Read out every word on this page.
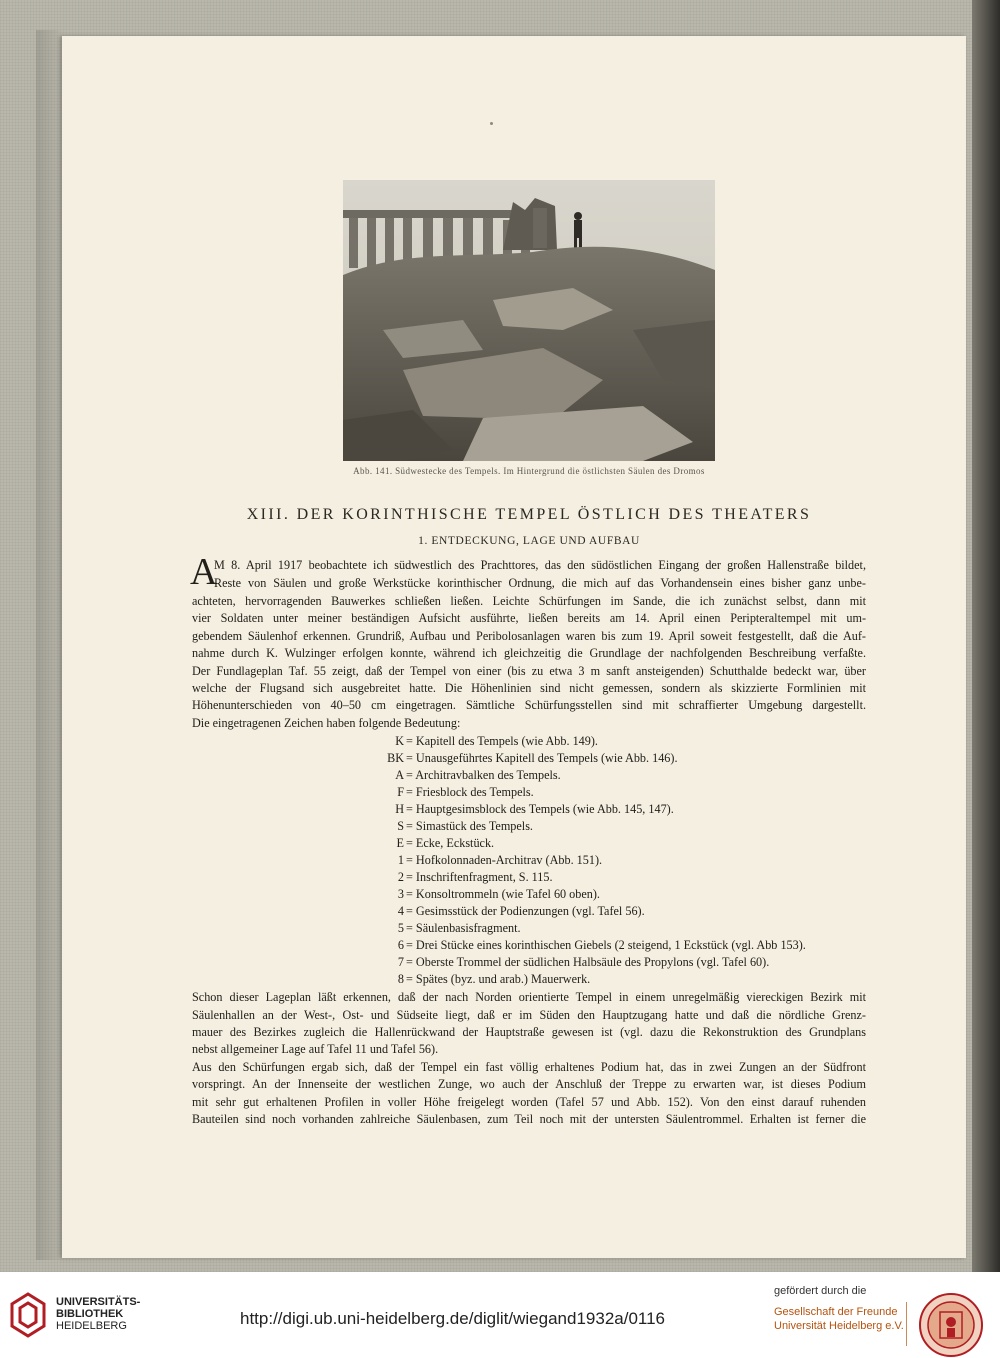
Abb. 141. Südwestecke des Tempels. Im Hintergrund die östlichsten Säulen des Dromos
XIII. DER KORINTHISCHE TEMPEL ÖSTLICH DES THEATERS
1. ENTDECKUNG, LAGE UND AUFBAU
A
M 8. April 1917 beobachtete ich südwestlich des Prachttores, das den südöstlichen Eingang der großen Hallenstraße bildet,
Reste von Säulen und große Werkstücke korinthischer Ordnung, die mich auf das Vorhandensein eines bisher ganz unbe-
achteten, hervorragenden Bauwerkes schließen ließen. Leichte Schürfungen im Sande, die ich zunächst selbst, dann mit
vier Soldaten unter meiner beständigen Aufsicht ausführte, ließen bereits am 14. April einen Peripteraltempel mit um-
gebendem Säulenhof erkennen. Grundriß, Aufbau und Peribolosanlagen waren bis zum 19. April soweit festgestellt, daß die Auf-
nahme durch K. Wulzinger erfolgen konnte, während ich gleichzeitig die Grundlage der nachfolgenden Beschreibung verfaßte.
Der Fundlageplan Taf. 55 zeigt, daß der Tempel von einer (bis zu etwa 3 m sanft ansteigenden) Schutthalde bedeckt war, über
welche der Flugsand sich ausgebreitet hatte. Die Höhenlinien sind nicht gemessen, sondern als skizzierte Formlinien mit
Höhenunterschieden von 40–50 cm eingetragen. Sämtliche Schürfungsstellen sind mit schraffierter Umgebung dargestellt.
Die eingetragenen Zeichen haben folgende Bedeutung:
K = Kapitell des Tempels (wie Abb. 149).
BK = Unausgeführtes Kapitell des Tempels (wie Abb. 146).
A = Architravbalken des Tempels.
F = Friesblock des Tempels.
H = Hauptgesimsblock des Tempels (wie Abb. 145, 147).
S = Simastück des Tempels.
E = Ecke, Eckstück.
1 = Hofkolonnaden-Architrav (Abb. 151).
2 = Inschriftenfragment, S. 115.
3 = Konsoltrommeln (wie Tafel 60 oben).
4 = Gesimsstück der Podienzungen (vgl. Tafel 56).
5 = Säulenbasisfragment.
6 = Drei Stücke eines korinthischen Giebels (2 steigend, 1 Eckstück (vgl. Abb 153).
7 = Oberste Trommel der südlichen Halbsäule des Propylons (vgl. Tafel 60).
8 = Spätes (byz. und arab.) Mauerwerk.
Schon dieser Lageplan läßt erkennen, daß der nach Norden orientierte Tempel in einem unregelmäßig viereckigen Bezirk mit
Säulenhallen an der West-, Ost- und Südseite liegt, daß er im Süden den Hauptzugang hatte und daß die nördliche Grenz-
mauer des Bezirkes zugleich die Hallenrückwand der Hauptstraße gewesen ist (vgl. dazu die Rekonstruktion des Grundplans
nebst allgemeiner Lage auf Tafel 11 und Tafel 56).
Aus den Schürfungen ergab sich, daß der Tempel ein fast völlig erhaltenes Podium hat, das in zwei Zungen an der Südfront
vorspringt. An der Innenseite der westlichen Zunge, wo auch der Anschluß der Treppe zu erwarten war, ist dieses Podium
mit sehr gut erhaltenen Profilen in voller Höhe freigelegt worden (Tafel 57 und Abb. 152). Von den einst darauf ruhenden
Bauteilen sind noch vorhanden zahlreiche Säulenbasen, zum Teil noch mit der untersten Säulentrommel. Erhalten ist ferner die
UNIVERSITÄTS-
BIBLIOTHEK
HEIDELBERG	http://digi.ub.uni-heidelberg.de/diglit/wiegand1932a/0116
gefördert durch die
Gesellschaft der Freunde
Universität Heidelberg e.V.
